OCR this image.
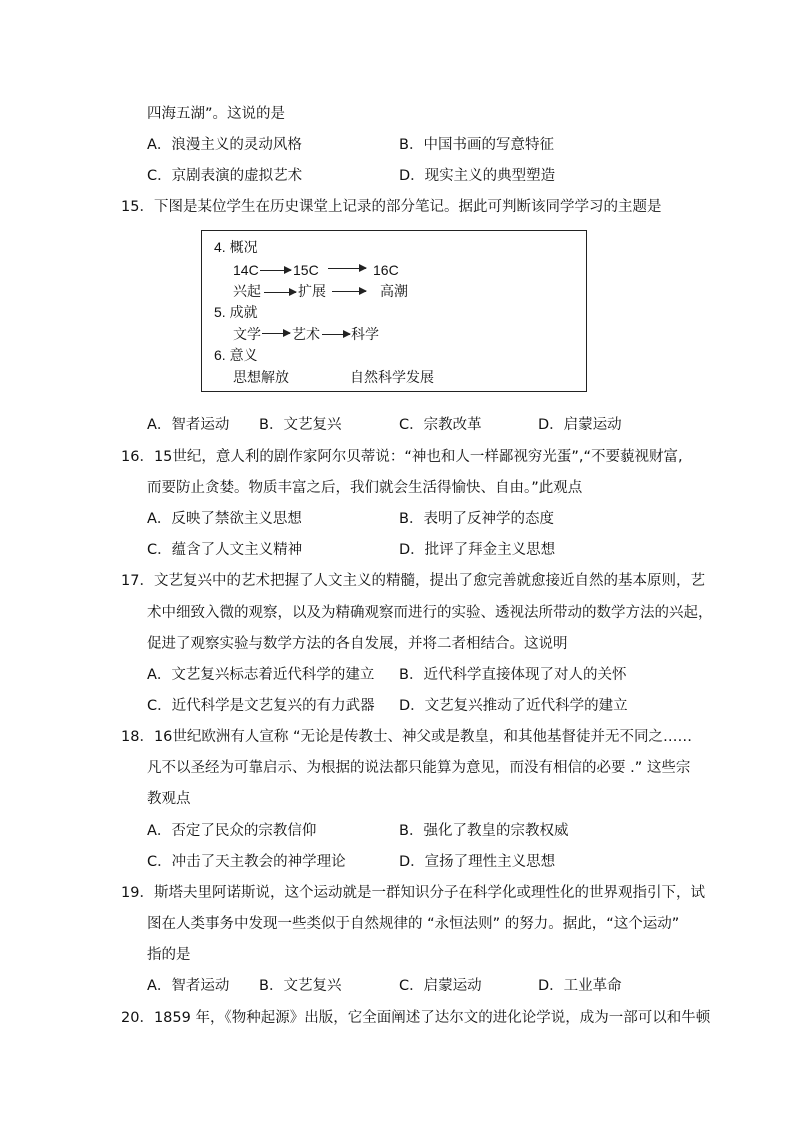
四海五湖”。这说的是
A．浪漫主义的灵动风格	B．中国书画的写意特征
C．京剧表演的虚拟艺术	D．现实主义的典型塑造
15．下图是某位学生在历史课堂上记录的部分笔记。据此可判断该同学学习的主题是
4. 概况
14C 15C	16C
兴起	扩展	高潮
5. 成就
文学 艺术 科学
6. 意义
思想解放	自然科学发展
A．智者运动 B．文艺复兴	C．宗教改革	D．启蒙运动
16．15世纪，意人利的剧作家阿尔贝蒂说：“神也和人一样鄙视穷光蛋”,“不要藐视财富,
而要防止贪婪。物质丰富之后，我们就会生活得愉快、自由。”此观点
A．反映了禁欲主义思想	B．表明了反神学的态度
C．蕴含了人文主义精神	D．批评了拜金主义思想
17．文艺复兴中的艺术把握了人文主义的精髓，提出了愈完善就愈接近自然的基本原则，艺
术中细致入微的观察，以及为精确观察而进行的实验、透视法所带动的数学方法的兴起，
促进了观察实验与数学方法的各自发展，并将二者相结合。这说明
A．文艺复兴标志着近代科学的建立 B．近代科学直接体现了对人的关怀
C．近代科学是文艺复兴的有力武器 D．文艺复兴推动了近代科学的建立
18．16世纪欧洲有人宣称 “无论是传教士、神父或是教皇，和其他基督徒并无不同之……
凡不以圣经为可靠启示、为根据的说法都只能算为意见，而没有相信的必要 .” 这些宗
教观点
A．否定了民众的宗教信仰	B．强化了教皇的宗教权威
C．冲击了天主教会的神学理论	D．宣扬了理性主义思想
19．斯塔夫里阿诺斯说，这个运动就是一群知识分子在科学化或理性化的世界观指引下，试
图在人类事务中发现一些类似于自然规律的 “永恒法则” 的努力。据此，“这个运动”
指的是
A．智者运动 B．文艺复兴	C．启蒙运动	D．工业革命
20．1859 年，《物种起源》出版，它全面阐述了达尔文的进化论学说，成为一部可以和牛顿
